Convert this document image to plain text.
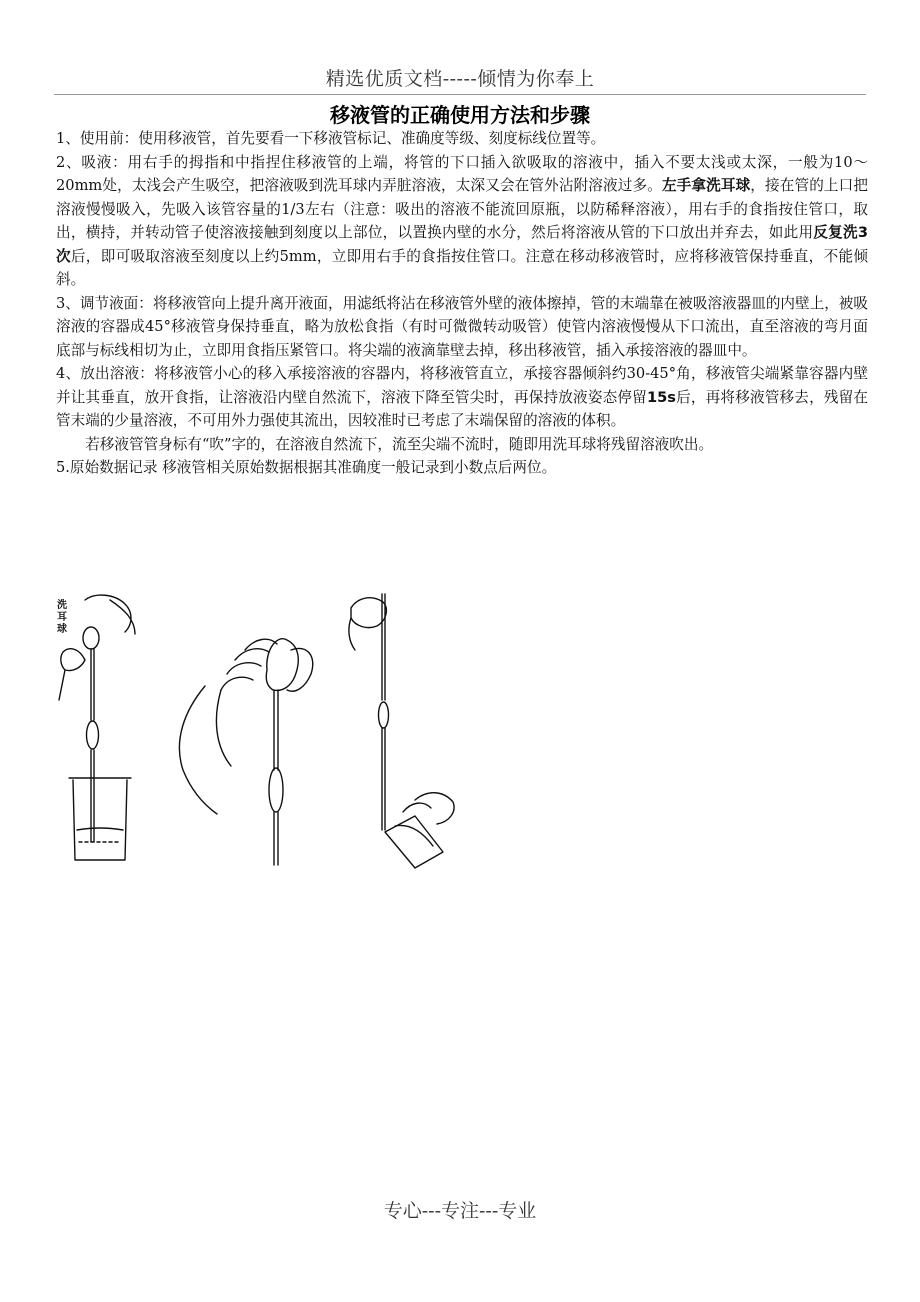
精选优质文档-----倾情为你奉上
移液管的正确使用方法和步骤

1、使用前：使用移液管，首先要看一下移液管标记、准确度等级、刻度标线位置等。

2、吸液：用右手的拇指和中指捏住移液管的上端，将管的下口插入欲吸取的溶液中，插入不要太浅或太深，一般为10～20mm处，太浅会产生吸空，把溶液吸到洗耳球内弄脏溶液，太深又会在管外沾附溶液过多。左手拿洗耳球，接在管的上口把溶液慢慢吸入，先吸入该管容量的1/3左右（注意：吸出的溶液不能流回原瓶，以防稀释溶液），用右手的食指按住管口，取出，横持，并转动管子使溶液接触到刻度以上部位，以置换内壁的水分，然后将溶液从管的下口放出并弃去，如此用反复洗3次后，即可吸取溶液至刻度以上约5mm，立即用右手的食指按住管口。注意在移动移液管时，应将移液管保持垂直，不能倾斜。

3、调节液面：将移液管向上提升离开液面，用滤纸将沾在移液管外壁的液体擦掉，管的末端靠在被吸溶液器皿的内壁上，被吸溶液的容器成45°移液管身保持垂直，略为放松食指（有时可微微转动吸管）使管内溶液慢慢从下口流出，直至溶液的弯月面底部与标线相切为止，立即用食指压紧管口。将尖端的液滴靠壁去掉，移出移液管，插入承接溶液的器皿中。

4、放出溶液：将移液管小心的移入承接溶液的容器内，将移液管直立，承接容器倾斜约30-45°角，移液管尖端紧靠容器内壁并让其垂直，放开食指，让溶液沿内壁自然流下，溶液下降至管尖时，再保持放液姿态停留15s后，再将移液管移去，残留在管末端的少量溶液，不可用外力强使其流出，因较准时已考虑了末端保留的溶液的体积。

若移液管管身标有“吹”字的，在溶液自然流下，流至尖端不流时，随即用洗耳球将残留溶液吹出。

5.原始数据记录 移液管相关原始数据根据其准确度一般记录到小数点后两位。

洗
耳
球
专心---专注---专业
